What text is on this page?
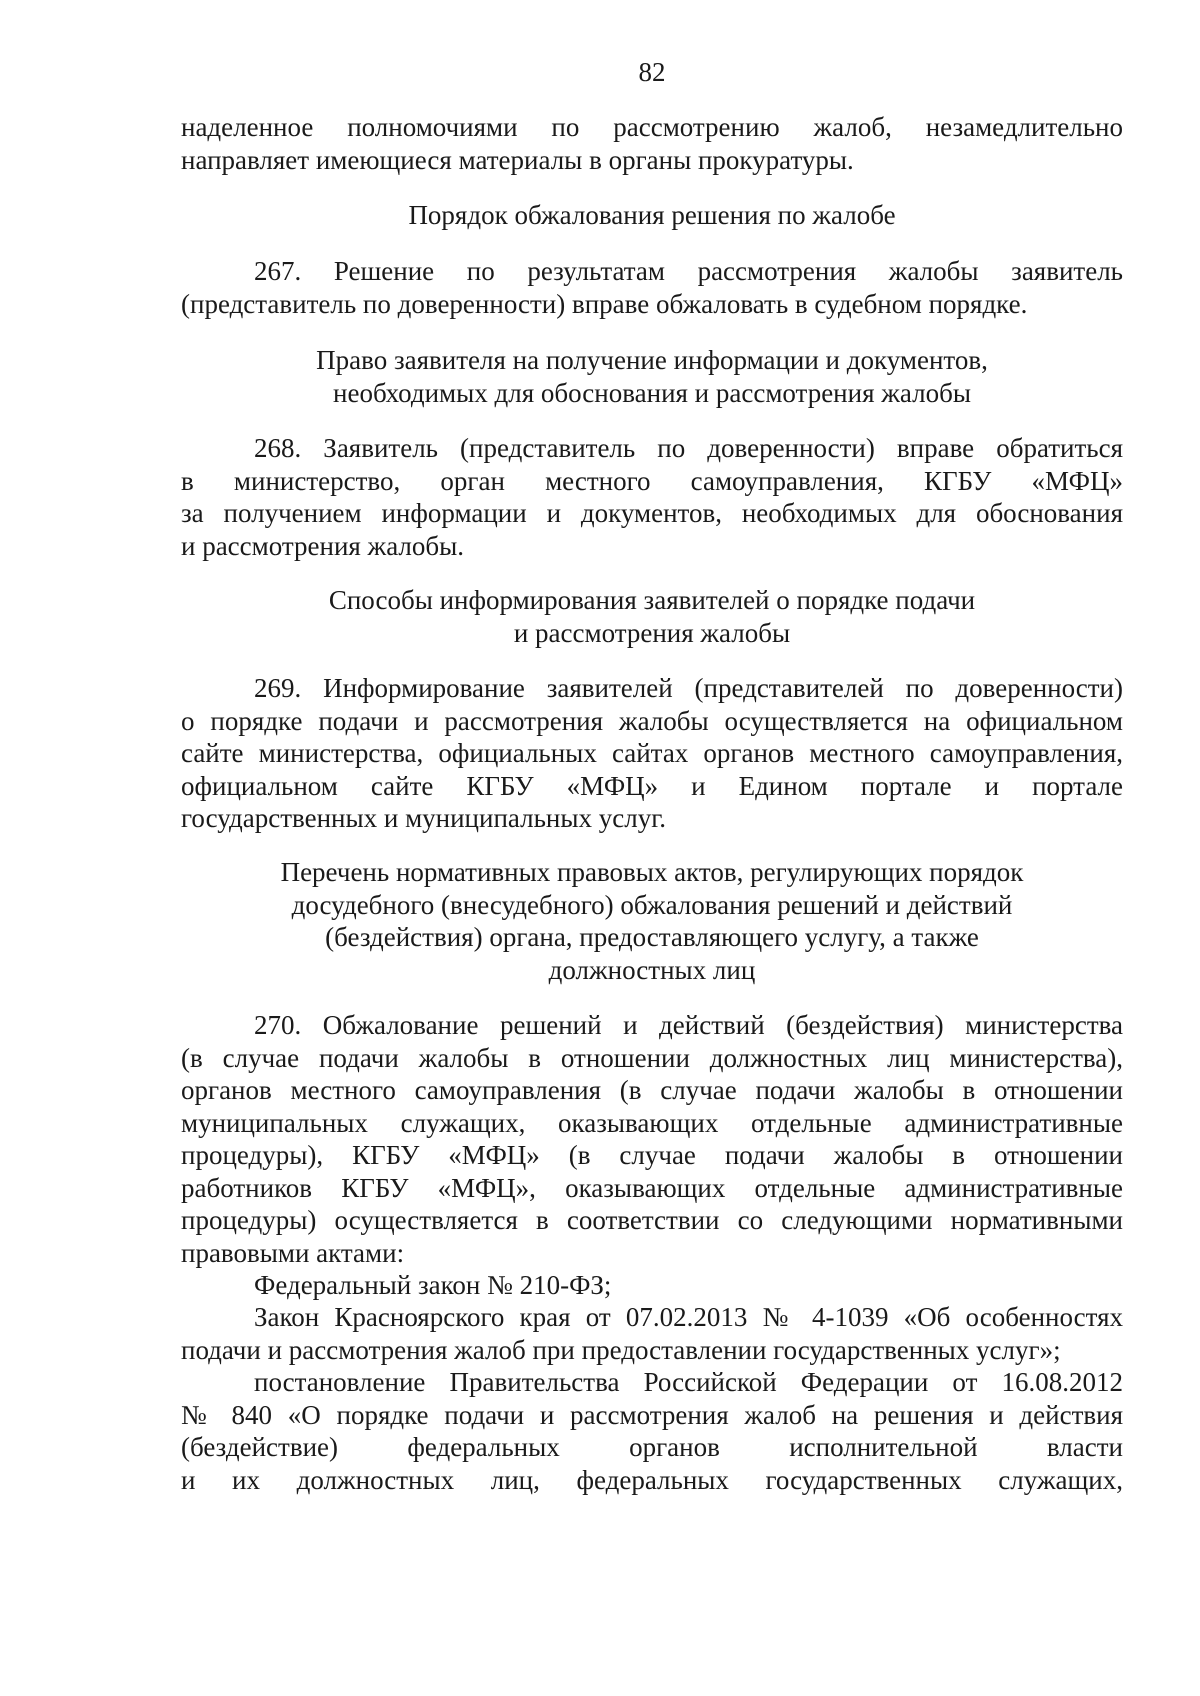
82
наделенное полномочиями по рассмотрению жалоб, незамедлительно
направляет имеющиеся материалы в органы прокуратуры.
Порядок обжалования решения по жалобе
267. Решение по результатам рассмотрения жалобы заявитель
(представитель по доверенности) вправе обжаловать в судебном порядке.
Право заявителя на получение информации и документов,
необходимых для обоснования и рассмотрения жалобы
268. Заявитель (представитель по доверенности) вправе обратиться
в министерство, орган местного самоуправления, КГБУ «МФЦ»
за получением информации и документов, необходимых для обоснования
и рассмотрения жалобы.
Способы информирования заявителей о порядке подачи
и рассмотрения жалобы
269. Информирование заявителей (представителей по доверенности)
о порядке подачи и рассмотрения жалобы осуществляется на официальном
сайте министерства, официальных сайтах органов местного самоуправления,
официальном сайте КГБУ «МФЦ» и Едином портале и портале
государственных и муниципальных услуг.
Перечень нормативных правовых актов, регулирующих порядок
досудебного (внесудебного) обжалования решений и действий
(бездействия) органа, предоставляющего услугу, а также
должностных лиц
270. Обжалование решений и действий (бездействия) министерства
(в случае подачи жалобы в отношении должностных лиц министерства),
органов местного самоуправления (в случае подачи жалобы в отношении
муниципальных служащих, оказывающих отдельные административные
процедуры), КГБУ «МФЦ» (в случае подачи жалобы в отношении
работников КГБУ «МФЦ», оказывающих отдельные административные
процедуры) осуществляется в соответствии со следующими нормативными
правовыми актами:
Федеральный закон № 210-ФЗ;
Закон Красноярского края от 07.02.2013 № 4-1039 «Об особенностях
подачи и рассмотрения жалоб при предоставлении государственных услуг»;
постановление Правительства Российской Федерации от 16.08.2012
№ 840 «О порядке подачи и рассмотрения жалоб на решения и действия
(бездействие) федеральных органов исполнительной власти
и их должностных лиц, федеральных государственных служащих,
